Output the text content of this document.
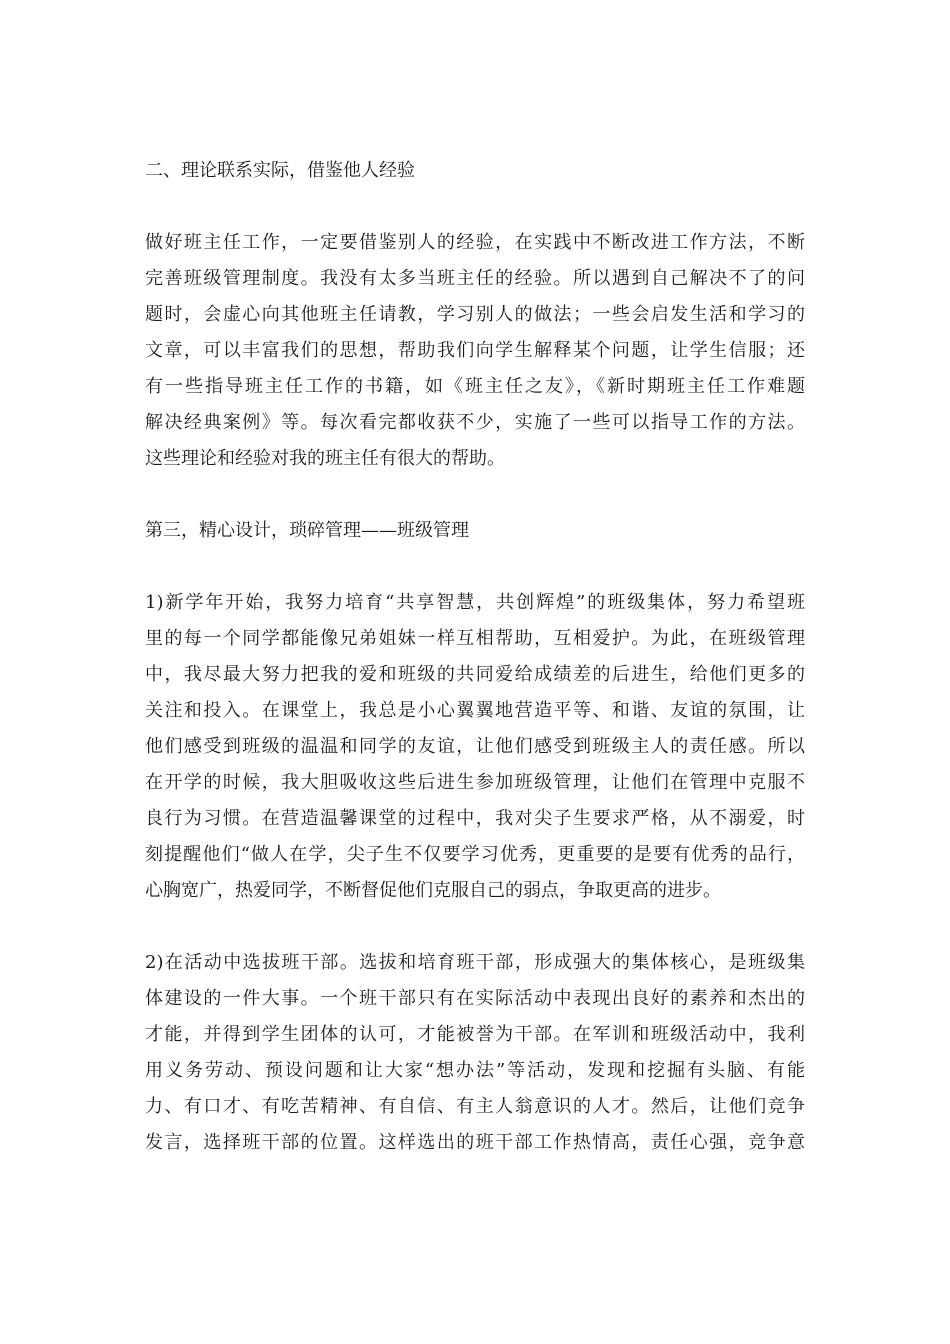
二、理论联系实际，借鉴他人经验
做好班主任工作，一定要借鉴别人的经验，在实践中不断改进工作方法，不断
完善班级管理制度。我没有太多当班主任的经验。所以遇到自己解决不了的问
题时，会虚心向其他班主任请教，学习别人的做法；一些会启发生活和学习的
文章，可以丰富我们的思想，帮助我们向学生解释某个问题，让学生信服；还
有一些指导班主任工作的书籍，如《班主任之友》，《新时期班主任工作难题
解决经典案例》等。每次看完都收获不少，实施了一些可以指导工作的方法。
这些理论和经验对我的班主任有很大的帮助。
第三，精心设计，琐碎管理——班级管理
1)新学年开始，我努力培育“共享智慧，共创辉煌”的班级集体，努力希望班
里的每一个同学都能像兄弟姐妹一样互相帮助，互相爱护。为此，在班级管理
中，我尽最大努力把我的爱和班级的共同爱给成绩差的后进生，给他们更多的
关注和投入。在课堂上，我总是小心翼翼地营造平等、和谐、友谊的氛围，让
他们感受到班级的温温和同学的友谊，让他们感受到班级主人的责任感。所以
在开学的时候，我大胆吸收这些后进生参加班级管理，让他们在管理中克服不
良行为习惯。在营造温馨课堂的过程中，我对尖子生要求严格，从不溺爱，时
刻提醒他们“做人在学，尖子生不仅要学习优秀，更重要的是要有优秀的品行，
心胸宽广，热爱同学，不断督促他们克服自己的弱点，争取更高的进步。
2)在活动中选拔班干部。选拔和培育班干部，形成强大的集体核心，是班级集
体建设的一件大事。一个班干部只有在实际活动中表现出良好的素养和杰出的
才能，并得到学生团体的认可，才能被誉为干部。在军训和班级活动中，我利
用义务劳动、预设问题和让大家“想办法”等活动，发现和挖掘有头脑、有能
力、有口才、有吃苦精神、有自信、有主人翁意识的人才。然后，让他们竞争
发言，选择班干部的位置。这样选出的班干部工作热情高，责任心强，竞争意
